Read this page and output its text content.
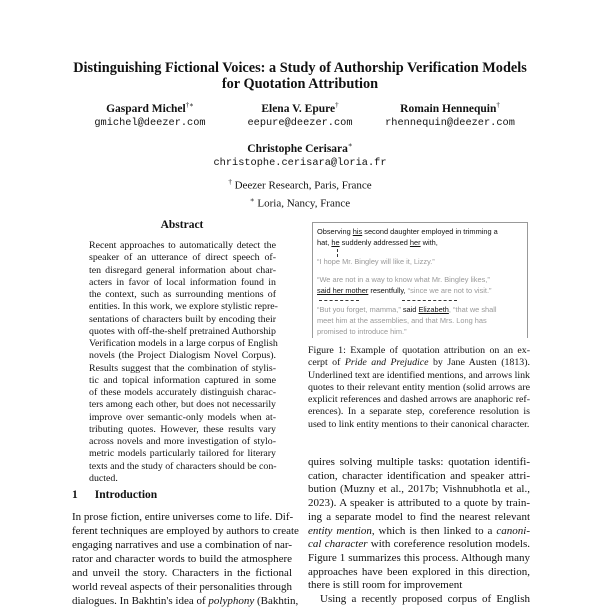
Distinguishing Fictional Voices: a Study of Authorship Verification Models
for Quotation Attribution
Gaspard Michel†∗
gmichel@deezer.com
Elena V. Epure†
eepure@deezer.com
Romain Hennequin†
rhennequin@deezer.com
Christophe Cerisara∗
christophe.cerisara@loria.fr
† Deezer Research, Paris, France
∗ Loria, Nancy, France
Abstract
Recent approaches to automatically detect the
speaker of an utterance of direct speech of-
ten disregard general information about char-
acters in favor of local information found in
the context, such as surrounding mentions of
entities. In this work, we explore stylistic repre-
sentations of characters built by encoding their
quotes with off-the-shelf pretrained Authorship
Verification models in a large corpus of English
novels (the Project Dialogism Novel Corpus).
Results suggest that the combination of stylis-
tic and topical information captured in some
of these models accurately distinguish charac-
ters among each other, but does not necessarily
improve over semantic-only models when at-
tributing quotes. However, these results vary
across novels and more investigation of stylo-
metric models particularly tailored for literary
texts and the study of characters should be con-
ducted.
1 Introduction
In prose fiction, entire universes come to life. Dif-
ferent techniques are employed by authors to create
engaging narratives and use a combination of nar-
rator and character words to build the atmosphere
and unveil the story. Characters in the fictional
world reveal aspects of their personalities through
dialogues. In Bakhtin's idea of polyphony (Bakhtin,
quires solving multiple tasks: quotation identifi-
cation, character identification and speaker attri-
bution (Muzny et al., 2017b; Vishnubhotla et al.,
2023). A speaker is attributed to a quote by train-
ing a separate model to find the nearest relevant
entity mention, which is then linked to a canoni-
cal character with coreference resolution models.
Figure 1 summarizes this process. Although many
approaches have been explored in this direction,
there is still room for improvement
Using a recently proposed corpus of English
Observing his second daughter employed in trimming a
hat, he suddenly addressed her with,
“I hope Mr. Bingley will like it, Lizzy.”
“We are not in a way to know what Mr. Bingley likes,”
said her mother resentfully, “since we are not to visit.”
“But you forget, mamma,” said Elizabeth, “that we shall
meet him at the assemblies, and that Mrs. Long has
promised to introduce him.”
Figure 1: Example of quotation attribution on an ex-
cerpt of Pride and Prejudice by Jane Austen (1813).
Underlined text are identified mentions, and arrows link
quotes to their relevant entity mention (solid arrows are
explicit references and dashed arrows are anaphoric ref-
erences). In a separate step, coreference resolution is
used to link entity mentions to their canonical character.
